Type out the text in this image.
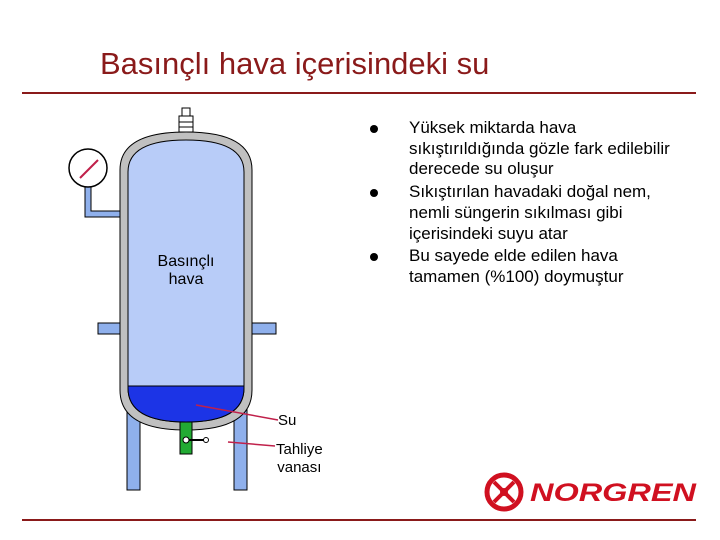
Basınçlı hava içerisindeki su
Basınçlı
hava
Su
Tahliye
vanası
Yüksek miktarda hava sıkıştırıldığında gözle fark edilebilir derecede su oluşur
Sıkıştırılan havadaki doğal nem, nemli süngerin sıkılması gibi içerisindeki suyu atar
Bu sayede elde edilen hava tamamen (%100) doymuştur
NORGREN
